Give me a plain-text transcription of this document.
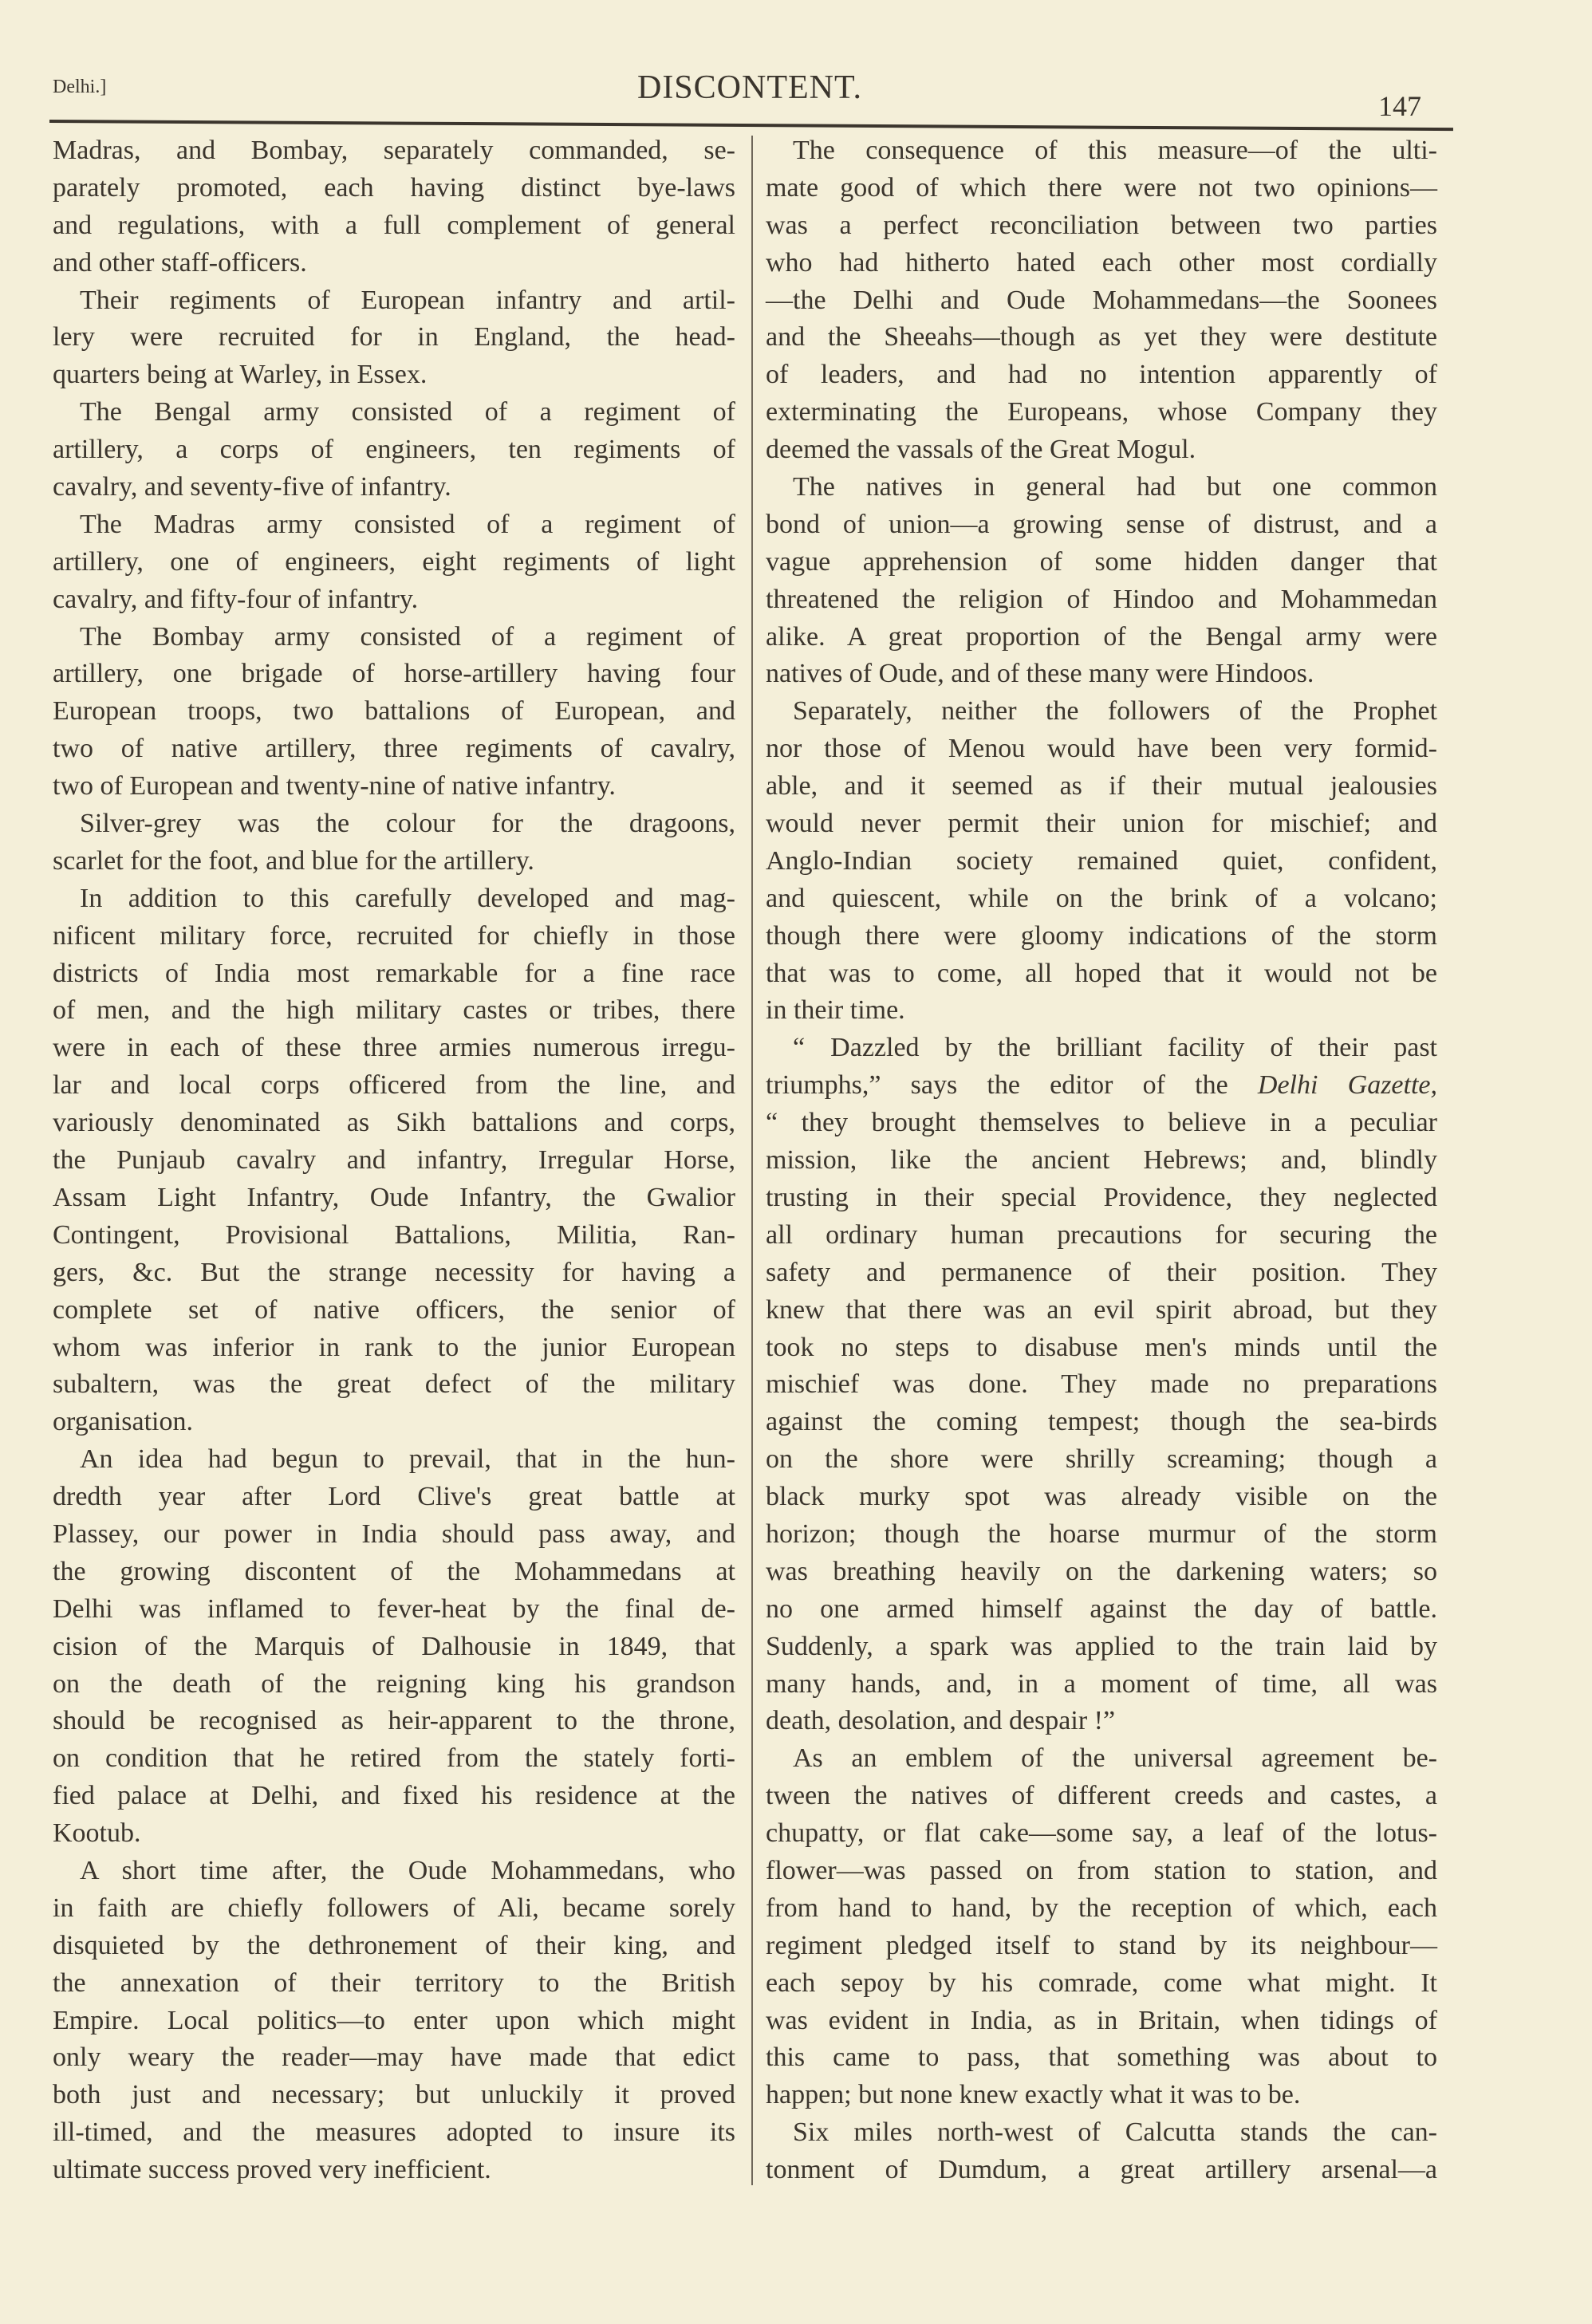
Delhi.]	DISCONTENT.	147
Madras, and Bombay, separately commanded, se-
parately promoted, each having distinct bye-laws
and regulations, with a full complement of general
and other staff-officers.
Their regiments of European infantry and artil-
lery were recruited for in England, the head-
quarters being at Warley, in Essex.
The Bengal army consisted of a regiment of
artillery, a corps of engineers, ten regiments of
cavalry, and seventy-five of infantry.
The Madras army consisted of a regiment of
artillery, one of engineers, eight regiments of light
cavalry, and fifty-four of infantry.
The Bombay army consisted of a regiment of
artillery, one brigade of horse-artillery having four
European troops, two battalions of European, and
two of native artillery, three regiments of cavalry,
two of European and twenty-nine of native infantry.
Silver-grey was the colour for the dragoons,
scarlet for the foot, and blue for the artillery.
In addition to this carefully developed and mag-
nificent military force, recruited for chiefly in those
districts of India most remarkable for a fine race
of men, and the high military castes or tribes, there
were in each of these three armies numerous irregu-
lar and local corps officered from the line, and
variously denominated as Sikh battalions and corps,
the Punjaub cavalry and infantry, Irregular Horse,
Assam Light Infantry, Oude Infantry, the Gwalior
Contingent, Provisional Battalions, Militia, Ran-
gers, &c. But the strange necessity for having a
complete set of native officers, the senior of
whom was inferior in rank to the junior European
subaltern, was the great defect of the military
organisation.
An idea had begun to prevail, that in the hun-
dredth year after Lord Clive's great battle at
Plassey, our power in India should pass away, and
the growing discontent of the Mohammedans at
Delhi was inflamed to fever-heat by the final de-
cision of the Marquis of Dalhousie in 1849, that
on the death of the reigning king his grandson
should be recognised as heir-apparent to the throne,
on condition that he retired from the stately forti-
fied palace at Delhi, and fixed his residence at the
Kootub.
A short time after, the Oude Mohammedans, who
in faith are chiefly followers of Ali, became sorely
disquieted by the dethronement of their king, and
the annexation of their territory to the British
Empire. Local politics—to enter upon which might
only weary the reader—may have made that edict
both just and necessary; but unluckily it proved
ill-timed, and the measures adopted to insure its
ultimate success proved very inefficient.
The consequence of this measure—of the ulti-
mate good of which there were not two opinions—
was a perfect reconciliation between two parties
who had hitherto hated each other most cordially
—the Delhi and Oude Mohammedans—the Soonees
and the Sheeahs—though as yet they were destitute
of leaders, and had no intention apparently of
exterminating the Europeans, whose Company they
deemed the vassals of the Great Mogul.
The natives in general had but one common
bond of union—a growing sense of distrust, and a
vague apprehension of some hidden danger that
threatened the religion of Hindoo and Mohammedan
alike. A great proportion of the Bengal army were
natives of Oude, and of these many were Hindoos.
Separately, neither the followers of the Prophet
nor those of Menou would have been very formid-
able, and it seemed as if their mutual jealousies
would never permit their union for mischief; and
Anglo-Indian society remained quiet, confident,
and quiescent, while on the brink of a volcano;
though there were gloomy indications of the storm
that was to come, all hoped that it would not be
in their time.
“ Dazzled by the brilliant facility of their past
triumphs,” says the editor of the Delhi Gazette,
“ they brought themselves to believe in a peculiar
mission, like the ancient Hebrews; and, blindly
trusting in their special Providence, they neglected
all ordinary human precautions for securing the
safety and permanence of their position. They
knew that there was an evil spirit abroad, but they
took no steps to disabuse men's minds until the
mischief was done. They made no preparations
against the coming tempest; though the sea-birds
on the shore were shrilly screaming; though a
black murky spot was already visible on the
horizon; though the hoarse murmur of the storm
was breathing heavily on the darkening waters; so
no one armed himself against the day of battle.
Suddenly, a spark was applied to the train laid by
many hands, and, in a moment of time, all was
death, desolation, and despair !”
As an emblem of the universal agreement be-
tween the natives of different creeds and castes, a
chupatty, or flat cake—some say, a leaf of the lotus-
flower—was passed on from station to station, and
from hand to hand, by the reception of which, each
regiment pledged itself to stand by its neighbour—
each sepoy by his comrade, come what might. It
was evident in India, as in Britain, when tidings of
this came to pass, that something was about to
happen; but none knew exactly what it was to be.
Six miles north-west of Calcutta stands the can-
tonment of Dumdum, a great artillery arsenal—a
